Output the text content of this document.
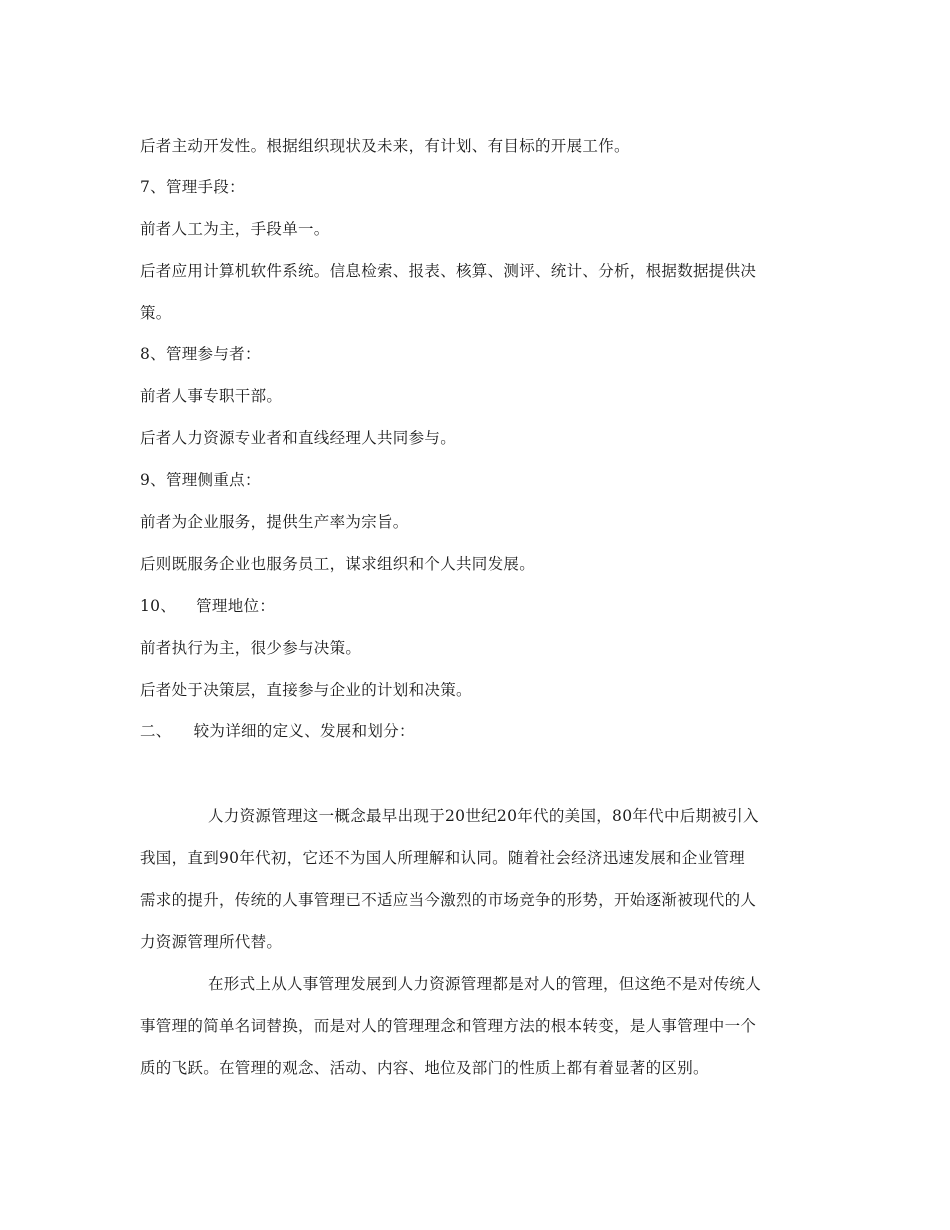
后者主动开发性。根据组织现状及未来，有计划、有目标的开展工作。
7、管理手段：
前者人工为主，手段单一。
后者应用计算机软件系统。信息检索、报表、核算、测评、统计、分析，根据数据提供决
策。
8、管理参与者：
前者人事专职干部。
后者人力资源专业者和直线经理人共同参与。
9、管理侧重点：
前者为企业服务，提供生产率为宗旨。
后则既服务企业也服务员工，谋求组织和个人共同发展。
10、 管理地位：
前者执行为主，很少参与决策。
后者处于决策层，直接参与企业的计划和决策。
二、 较为详细的定义、发展和划分：
人力资源管理这一概念最早出现于20世纪20年代的美国，80年代中后期被引入
我国，直到90年代初，它还不为国人所理解和认同。随着社会经济迅速发展和企业管理
需求的提升，传统的人事管理已不适应当今激烈的市场竞争的形势，开始逐渐被现代的人
力资源管理所代替。
在形式上从人事管理发展到人力资源管理都是对人的管理，但这绝不是对传统人
事管理的简单名词替换，而是对人的管理理念和管理方法的根本转变，是人事管理中一个
质的飞跃。在管理的观念、活动、内容、地位及部门的性质上都有着显著的区别。
